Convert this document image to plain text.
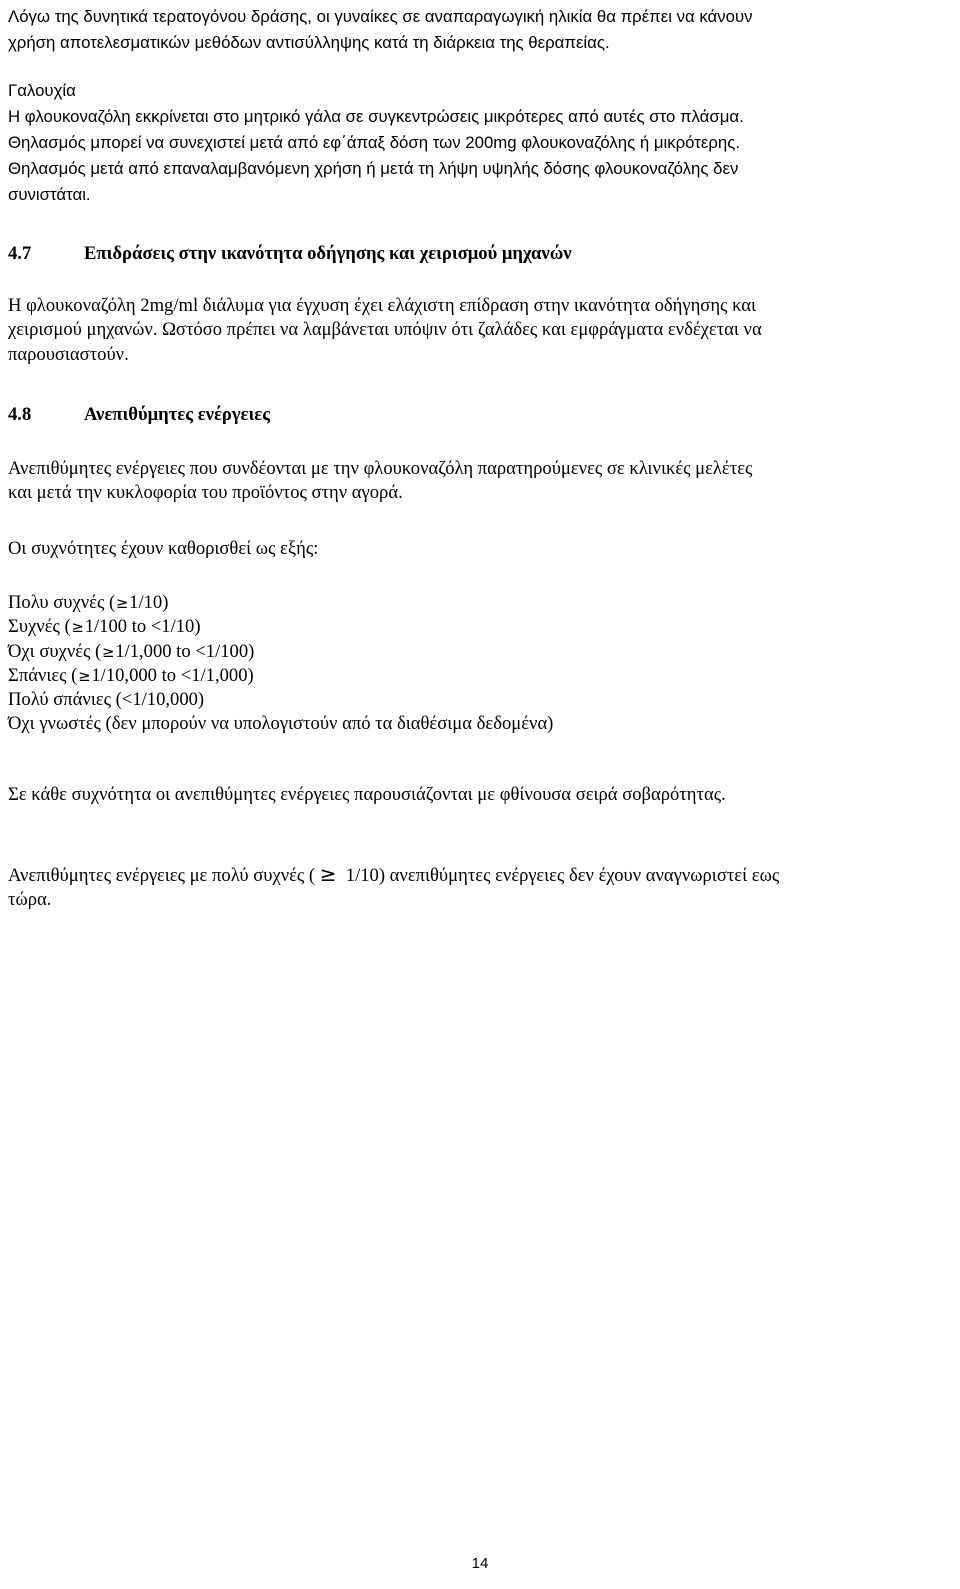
Λόγω της δυνητικά τερατογόνου δράσης, οι γυναίκες σε αναπαραγωγική ηλικία θα πρέπει να κάνουν
χρήση αποτελεσματικών μεθόδων αντισύλληψης κατά τη διάρκεια της θεραπείας.
Γαλουχία
Η φλουκοναζόλη εκκρίνεται στο μητρικό γάλα σε συγκεντρώσεις μικρότερες από αυτές στο πλάσμα.
Θηλασμός μπορεί να συνεχιστεί μετά από εφ΄άπαξ δόση των 200mg φλουκοναζόλης ή μικρότερης.
Θηλασμός μετά από επαναλαμβανόμενη χρήση ή μετά τη λήψη υψηλής δόσης φλουκοναζόλης δεν
συνιστάται.
4.7	Επιδράσεις στην ικανότητα οδήγησης και χειρισμού μηχανών
Η φλουκοναζόλη 2mg/ml διάλυμα για έγχυση έχει ελάχιστη επίδραση στην ικανότητα οδήγησης και
χειρισμού μηχανών. Ωστόσο πρέπει να λαμβάνεται υπόψιν ότι ζαλάδες και εμφράγματα ενδέχεται να
παρουσιαστούν.
4.8	Ανεπιθύμητες ενέργειες
Ανεπιθύμητες ενέργειες που συνδέονται με την φλουκοναζόλη παρατηρούμενες σε κλινικές μελέτες
και μετά την κυκλοφορία του προϊόντος στην αγορά.
Οι συχνότητες έχουν καθορισθεί ως εξής:
Πολυ συχνές (≥1/10)
Συχνές (≥1/100 to <1/10)
Όχι συχνές (≥1/1,000 to <1/100)
Σπάνιες (≥1/10,000 to <1/1,000)
Πολύ σπάνιες (<1/10,000)
Όχι γνωστές (δεν μπορούν να υπολογιστούν από τα διαθέσιμα δεδομένα)
Σε κάθε συχνότητα οι ανεπιθύμητες ενέργειες παρουσιάζονται με φθίνουσα σειρά σοβαρότητας.
Ανεπιθύμητες ενέργειες με πολύ συχνές ( ≥ 1/10) ανεπιθύμητες ενέργειες δεν έχουν αναγνωριστεί εως
τώρα.
14
